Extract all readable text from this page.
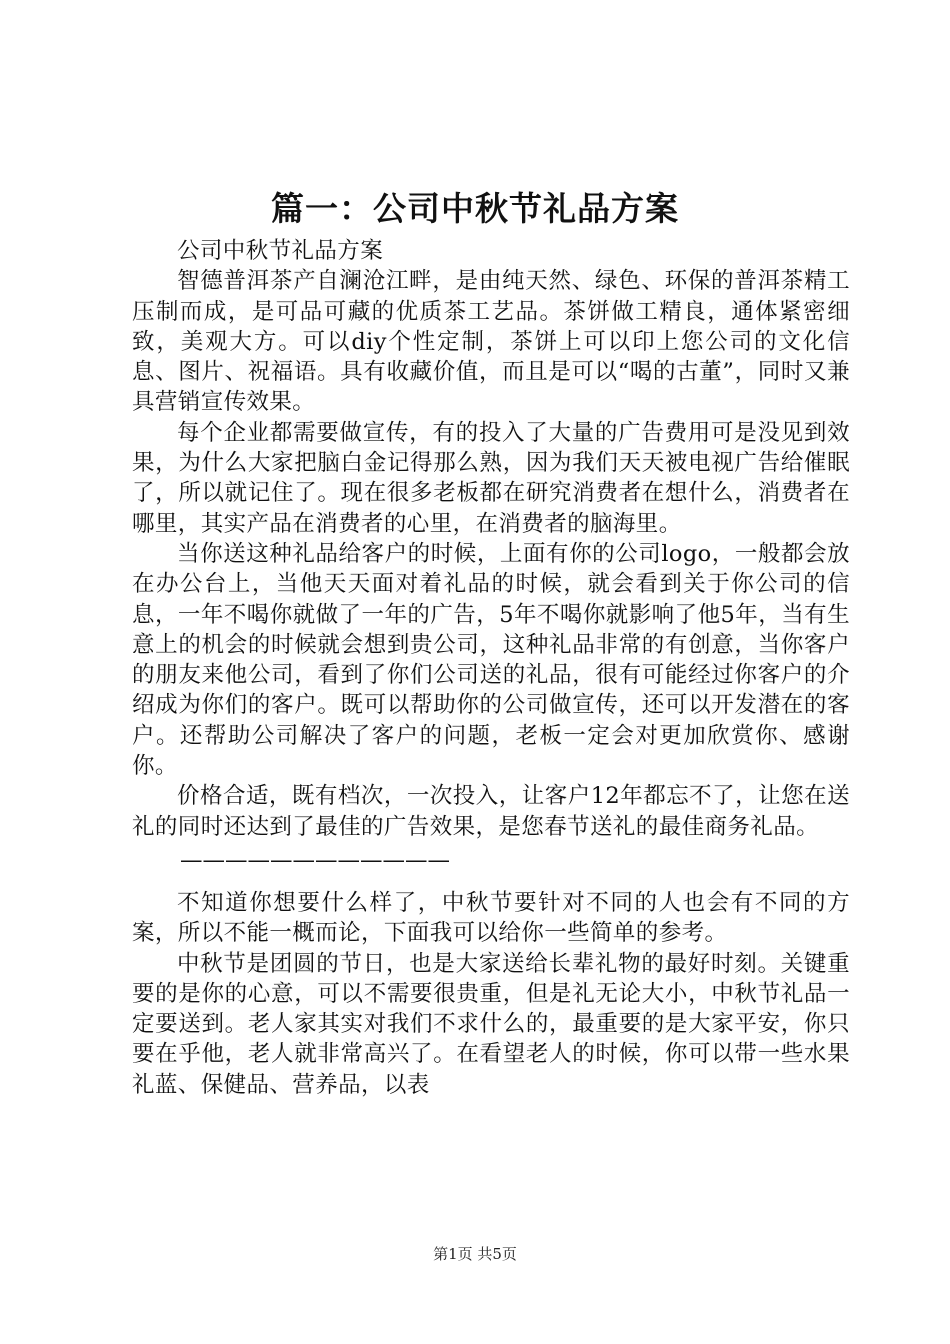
篇一：公司中秋节礼品方案

公司中秋节礼品方案

智德普洱茶产自澜沧江畔，是由纯天然、绿色、环保的普洱茶精工压制而成，是可品可藏的优质茶工艺品。茶饼做工精良，通体紧密细致，美观大方。可以diy个性定制，茶饼上可以印上您公司的文化信息、图片、祝福语。具有收藏价值，而且是可以“喝的古董”，同时又兼具营销宣传效果。

每个企业都需要做宣传，有的投入了大量的广告费用可是没见到效果，为什么大家把脑白金记得那么熟，因为我们天天被电视广告给催眠了，所以就记住了。现在很多老板都在研究消费者在想什么，消费者在哪里，其实产品在消费者的心里，在消费者的脑海里。

当你送这种礼品给客户的时候，上面有你的公司logo，一般都会放在办公台上，当他天天面对着礼品的时候，就会看到关于你公司的信息，一年不喝你就做了一年的广告，5年不喝你就影响了他5年，当有生意上的机会的时候就会想到贵公司，这种礼品非常的有创意，当你客户的朋友来他公司，看到了你们公司送的礼品，很有可能经过你客户的介绍成为你们的客户。既可以帮助你的公司做宣传，还可以开发潜在的客户。还帮助公司解决了客户的问题，老板一定会对更加欣赏你、感谢你。

价格合适，既有档次，一次投入，让客户12年都忘不了，让您在送礼的同时还达到了最佳的广告效果，是您春节送礼的最佳商务礼品。

————————————

不知道你想要什么样了，中秋节要针对不同的人也会有不同的方案，所以不能一概而论，下面我可以给你一些简单的参考。

中秋节是团圆的节日，也是大家送给长辈礼物的最好时刻。关键重要的是你的心意，可以不需要很贵重，但是礼无论大小，中秋节礼品一定要送到。老人家其实对我们不求什么的，最重要的是大家平安，你只要在乎他，老人就非常高兴了。在看望老人的时候，你可以带一些水果礼蓝、保健品、营养品，以表

第1页 共5页
